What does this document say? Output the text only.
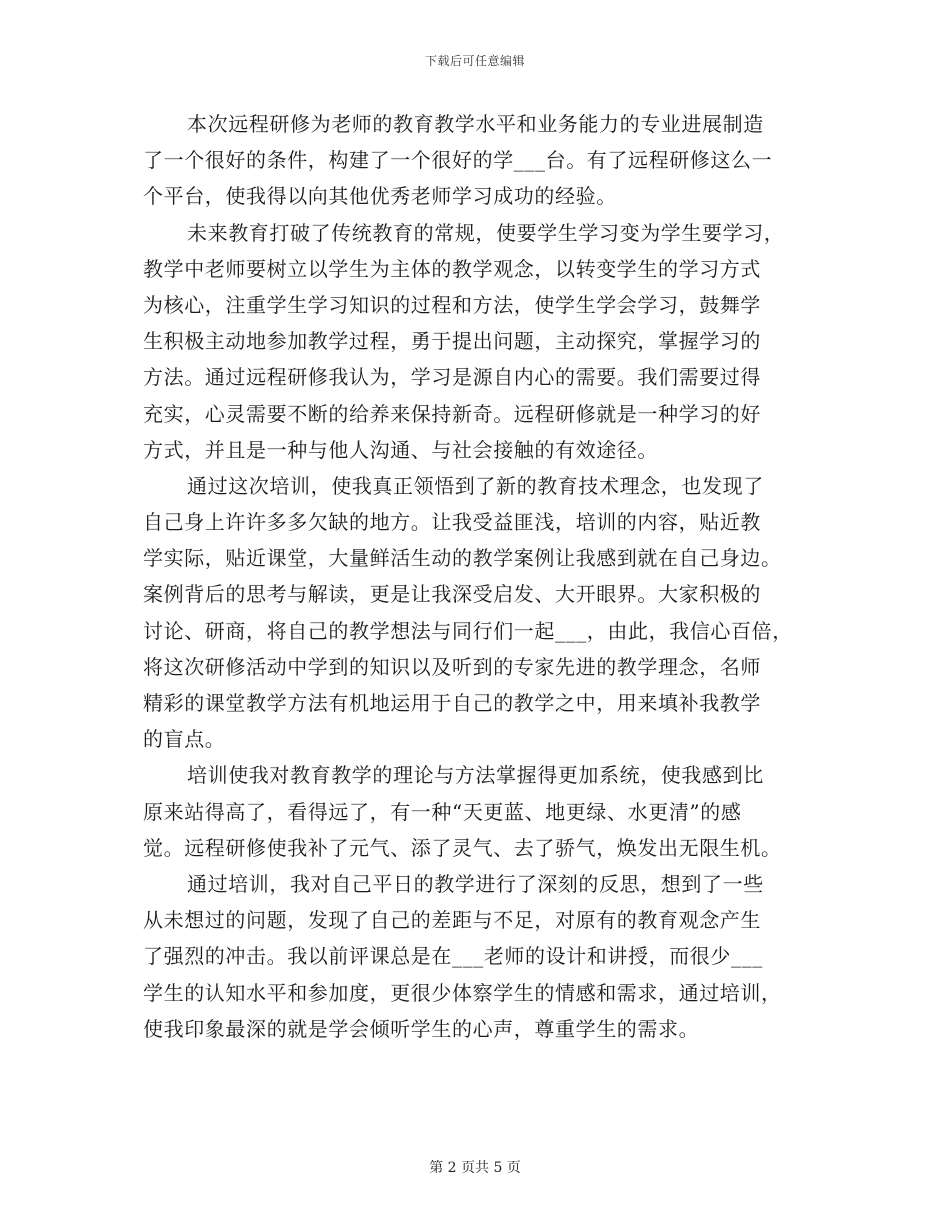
下载后可任意编辑
本次远程研修为老师的教育教学水平和业务能力的专业进展制造
了一个很好的条件，构建了一个很好的学___台。有了远程研修这么一
个平台，使我得以向其他优秀老师学习成功的经验。
未来教育打破了传统教育的常规，使要学生学习变为学生要学习，
教学中老师要树立以学生为主体的教学观念，以转变学生的学习方式
为核心，注重学生学习知识的过程和方法，使学生学会学习，鼓舞学
生积极主动地参加教学过程，勇于提出问题，主动探究，掌握学习的
方法。通过远程研修我认为，学习是源自内心的需要。我们需要过得
充实，心灵需要不断的给养来保持新奇。远程研修就是一种学习的好
方式，并且是一种与他人沟通、与社会接触的有效途径。
通过这次培训，使我真正领悟到了新的教育技术理念，也发现了
自己身上许许多多欠缺的地方。让我受益匪浅，培训的内容，贴近教
学实际，贴近课堂，大量鲜活生动的教学案例让我感到就在自己身边。
案例背后的思考与解读，更是让我深受启发、大开眼界。大家积极的
讨论、研商，将自己的教学想法与同行们一起___，由此，我信心百倍，
将这次研修活动中学到的知识以及听到的专家先进的教学理念，名师
精彩的课堂教学方法有机地运用于自己的教学之中，用来填补我教学
的盲点。
培训使我对教育教学的理论与方法掌握得更加系统，使我感到比
原来站得高了，看得远了，有一种“天更蓝、地更绿、水更清”的感
觉。远程研修使我补了元气、添了灵气、去了骄气，焕发出无限生机。
通过培训，我对自己平日的教学进行了深刻的反思，想到了一些
从未想过的问题，发现了自己的差距与不足，对原有的教育观念产生
了强烈的冲击。我以前评课总是在___老师的设计和讲授，而很少___
学生的认知水平和参加度，更很少体察学生的情感和需求，通过培训，
使我印象最深的就是学会倾听学生的心声，尊重学生的需求。
第 2 页共 5 页
